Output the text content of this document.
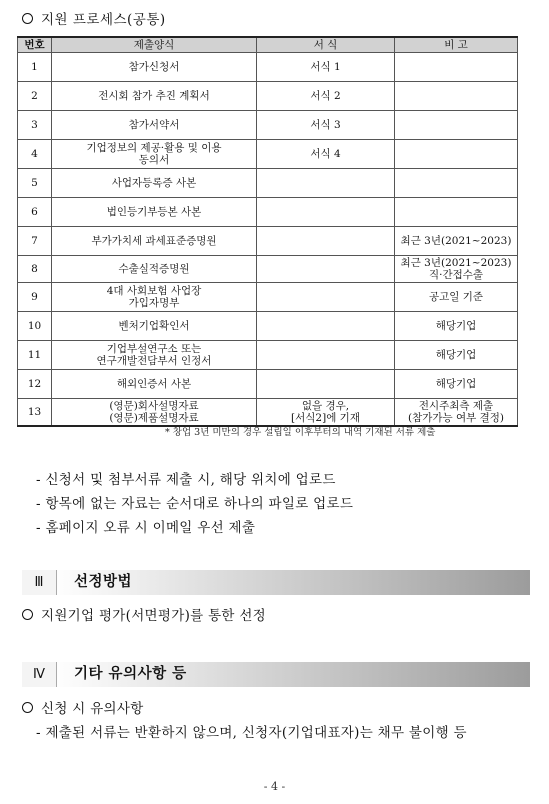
지원 프로세스(공통)
번호	제출양식	서 식	비 고
1	참가신청서	서식 1	
2	전시회 참가 추진 계획서	서식 2	
3	참가서약서	서식 3	
4	기업정보의 제공·활용 및 이용
동의서	서식 4	
5	사업자등록증 사본		
6	법인등기부등본 사본		
7	부가가치세 과세표준증명원		최근 3년(2021~2023)
8	수출실적증명원		최근 3년(2021~2023)
직·간접수출
9	4대 사회보험 사업장
가입자명부		공고일 기준
10	벤처기업확인서		해당기업
11	기업부설연구소 또는
연구개발전담부서 인정서		해당기업
12	해외인증서 사본		해당기업
13	(영문)회사설명자료
(영문)제품설명자료	없을 경우,
[서식2]에 기재	전시주최측 제출
(참가가능 여부 결정)
* 창업 3년 미만의 경우 설립일 이후부터의 내역 기재된 서류 제출
- 신청서 및 첨부서류 제출 시, 해당 위치에 업로드
- 항목에 없는 자료는 순서대로 하나의 파일로 업로드
- 홈페이지 오류 시 이메일 우선 제출
Ⅲ	선정방법
지원기업 평가(서면평가)를 통한 선정
Ⅳ	기타 유의사항 등
신청 시 유의사항
- 제출된 서류는 반환하지 않으며, 신청자(기업대표자)는 채무 불이행 등
- 4 -
